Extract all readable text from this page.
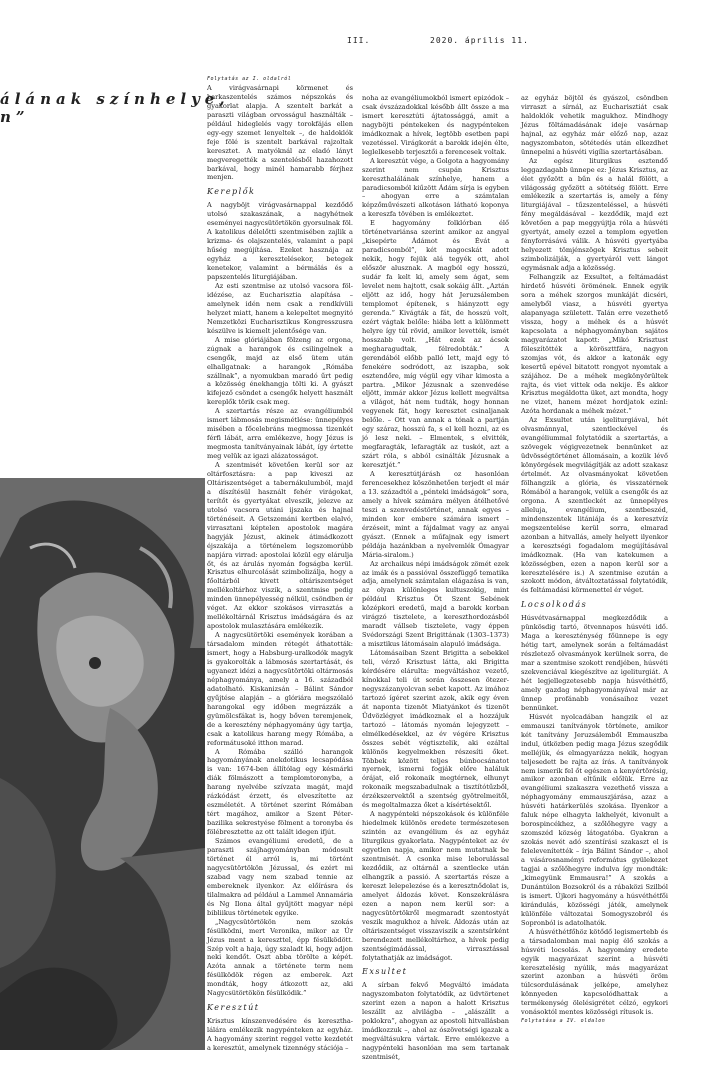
III.	2020. április 11.
álának színhelye,
n”

Folytatás az I. oldalról

A virágvasárnapi körmenet és barkaszentelés számos népszokás és gyakorlat alapja. A szentelt barkát a paraszti világban orvosságul használták – például hideglelés vagy torokfájás ellen egy-egy szemet lenyeltek –, de haldoklók feje fölé is szentelt barkával rajzoltak keresztet. A matyóknál az eladó lányt megveregették a szentelésből hazahozott barkával, hogy minél hamarabb férjhez menjen.

Kereplők

A nagyböjt virágvasárnappal kezdődő utolsó szakaszának, a nagyhétnek eseményei nagycsütörtökön gyorsulnak föl. A katolikus délelőtti szentmisében zajlik a krizma- és olajszentelés, valamint a papi hűség megújítása. Ezeket hasznája az egyház a keresztelésekor, betegek kenetekor, valamint a bérmálás és a papszentelés liturgiájában.

Az esti szentmise az utolsó vacsora fölidézése, az Eucharisztia alapítása – amelynek idén nem csak a rendkívüli helyzet miatt, hanem a kelepeltet megnyitó Nemzetközi Eucharisztikus Kongresszusra készülve is kiemelt jelentősége van.

A mise glóriájában fölzeng az orgona, zúgnak a harangok és csilingelnek a csengők, majd az első ütem után elhallgatnak: a harangok „Rómába szállnak”, a nyomukban maradó űrt pedig a közösség énekhangja tölti ki. A gyászt kifejező csöndet a csengők helyett használt kereplők törik csak meg.

A szertartás része az evangéliumból ismert lábmosás megismétlése: ünnepélyes misében a főcelebráns megmossa tizenkét férfi lábát, arra emlékezve, hogy Jézus is megmosta tanítványainak lábát, így értette meg velük az igazi alázatosságot.

A szentmisét követően kerül sor az oltárfosztásra: a pap kiveszi az Oltáriszentséget a tabernákulumból, majd a díszítésül használt fehér virágokat, terítőt és gyertyákat elveszik, jelezve az utolsó vacsora utáni ijszaka és hajnal történéseit. A Getszemáni kertben elalvó, virrasztani képtelen apostolok magára hagyják Jézust, akinek átimádkozott éjszakája a történelem legszomorúbb napjára virrad: apostolai közül egy elárulja őt, és az árulás nyomán fogságba kerül. Krisztus elhurcolását szimbolizálja, hogy a főoltárból kivett oltáriszentséget mellékoltárhoz viszik, a szentmise pedig minden ünnepélyesség nélkül, csöndben ér véget. Az ekkor szokásos virrasztás a mellékoltárnál Krisztus imádságára és az apostolok mulasztására emlékezik.

A nagycsütörtöki események korában a társadalom minden rétegét áthatották: ismert, hogy a Habsburg-uralkodók magyk is gyakorolták a lábmosás szertartását, és ugyanezt idézi a nagycsütörtöki oltármosás néphagyománya, amely a 16. századból adatolható. Kiskanizsán – Bálint Sándor gyűjtése alapján – a glóriára megszólaló harangokal egy időben megrázzák a gyümölcsfákat is, hogy bőven teremjenek, de a keresztény néphagyomány úgy tartja, csak a katolikus harang megy Rómába, a reformátusoké itthon marad.

A Rómába szálló harangok hagyományának anekdotikus lecsapódása is van: 1674-ben állítólag egy késmárki diák fölmászott a templomtoronyba, a harang nyelvébe szívzata magát, majd rázkódást érzett, és elveszítette az eszméletét. A történet szerint Rómában tért magához, amikor a Szent Péter-bazilika sekrestyése fölment a toronyba és fölébresztette az ott talált idegen ifjút.

Számos evangéliumi eredetű, de a paraszti szájhagyományban módosult történet él arról is, mi történt nagycsütörtökön Jézussal, és ezért mi szabad vagy nem szabad tennie az embereknek ilyenkor. Az előírásra és tilalmakra ad például a Lammel Annamária és Ng Ilona által gyűjtött magyar népi bibliikus történetek egyike.

„Nagycsütörtökön nem szokás fésülködni, mert Veronika, mikor az Úr Jézus ment a kereszttel, épp fésülködött. Szép volt a haja, úgy szaladt ki, hogy adjon neki kendőt. Oszt abba törölte a képét. Azóta annak a története term nem fésülködök régen az emberek. Azt mondták, hogy átkozott az, aki Nagycsütörtökön fésülködik.”

Keresztút

Krisztus kínszenvedésére és kereszthalálára emlékezik nagypénteken az egyház. A hagyomány szerint reggel vette kezdetét a keresztút, amelynek tizennégy stációja –

noha az evangéliumokból ismert epizódok – csak évszázadokkal később állt össze a ma ismert keresztúti ájtatossággá, amit a nagyböjti péntekeken és nagypénteken imádkoznak a hívek, legtöbb esetben papi vezetéssel. Virágkorát a barokk idején élte, leglelkesebb terjesztői a ferencesek voltak.

A keresztút vége, a Golgota a hagyomány szerint nem csupán Krisztus kereszthalálának színhelye, hanem a paradicsomból kiűzött Ádám sírja is egyben – ahogyan erre a számtalan képzőművészeti alkotáson látható koponya a kereszfa tövében is emlékeztet.

E hagyomány folklórban élő történetvariánsa szerint amikor az angyal „kisepérte Ádámot és Évát a paradicsomból”, két magocskát adott nekik, hogy fejük alá tegyék ott, ahol először alusznak. A magból egy hosszú, sudár fa kelt ki, amely sem ágat, sem levelet nem hajtott, csak sokáig állt. „Aztán eljött az idő, hogy hát Jeruzsálemben templomot építenek, s hiányzott egy gerenda.” Kivágták a fát, de hosszú volt, ezért vágtak belőle: hiába lett a különmett helyre így túl rövid, amikor levették, ismét hosszabb volt. „Hát ezek az ácsok megharagudtak, félredobták.” A gerendából előbb palló lett, majd egy tó fenekére sodródott, az iszapba, sok esztendőre, míg végül egy vihar kimosta a partra. „Mikor Jézusnak a szenvedése eljött, immár akkor Jézus kellett megváltsa a világot, hát nem tudták, hogy honnan vegyenek fát, hogy keresztet csinaljanak belőle. – Ott van annak a tónak a partján egy száraz, hosszú fa, s el kell hozni, az es jó lesz neki. – Elmentek, s elvitték, megfaragták, lefaragták az tuskót, azt a szárt róla, s abból csinálták Jézusnak a keresztjét.”

A keresztútjárásh oz hasonlóan ferencesekhez köszönhetően terjedt el már a 13. századtól a „pénteki imádságok” sora, amely a hívek számára mélyen átélhetővé teszi a szenvedéstörténet, annak egyes – minden kor embere számára ismert – érzéseit, mint a fájdalmat vagy az anyai gyászt. (Ennek a műfajnak egy ismert példája hazánkban a nyelvemlék Ómagyar Mária-siralom.)

Az archaikus népi imádságok zömét ezek az imák és a passióval összefüggő tematika adja, amelynek számtalan elágazása is van, az olyan különleges kultuszokig, mint például Krisztus Öt Szent Sebének középkori eredetű, majd a barokk korban virágzó tisztelete, a kereszthordozásból maradt vállseb tisztelete, vagy éppen Svédországi Szent Brigittának (1303–1373) a misztikus látomásain alapuló imádsága.

Látomásaiban Szent Brigitta a sebekkel teli, vérző Krisztust látta, aki Brigitta kérdésére elárulta: megváltáshoz vezető, kínokkal teli út során összesen ötezer-negyszázanyolcvan sebet kapott. Az imához tartozó ígéret szerint azok, akik egy éven át naponta tizenöt Miatyánkot és tizenöt Üdvözlégyet imádkoznak el a hozzájuk tartozó – látomás nyomán lejegyzett – elmélkedésekkel, az év végére Krisztus összes sebét végtisztelik, aki ezáltal különös kegyelmekben részesíti őket. Többek között teljes búnbocsánatot nyernek, ismerni fogják előre haláluk órájat, elő rokonaik megtérnek, elhunyt rokonaik megszabadulnak a tisztítótűzből, érzékszervektől a szentség gyötrelmeitől, és megoltalmazza őket a kísértésektől.

A nagypénteki népszokások és különféle hiedelmek különös eredete természetesen szintén az evangélium és az egyház liturgikus gyakorlata. Nagypénteket az év egyetlen napja, amikor nem mutatnak be szentmisét. A csonka mise leborulással kezdődik, az oltárnál a szentlecke után elhangzik a passió. A szertartás része a kereszt lelepelezése és a keresztnődolat is, amelyet áldozás követ. Konszekrálásra ezen a napon nem kerül sor: a nagycsütörtökről megmaradt szentostyát veszik magukhoz a hívek. Áldozás után az oltáriszentséget visszaviszik a szentsírként berendezett mellékoltárhoz, a hívek pedig szentségimádással, virrasztással folytathatják az imádságot.

Exsultet

A sírban fekvő Megváltó imádata nagyszombaton folytatódik, az üdvtörtenet szerint ezen a napon a halott Krisztus leszállt az alvilágba – „alászállt a poklokra”, ahogyan az apostoli hitvallásban imádkozzuk –, ahol az ószövetségi igazak a megváltásukra vártak. Erre emlékezve a nagypénteki hasonlóan ma sem tartanak szentmisét,

az egyház böjtöl és gyászol, csöndben virraszt a sírnál, az Eucharisztiát csak haldoklók vehetik magukhoz. Mindhogy Jézus föltámadásának ideje vasárnap hajnal, az egyház már előző nap, azaz nagyszombaton, sötétedés után elkezdhet ünnepelni a húsvéti vigília szertartásában.

Az egész liturgikus esztendő leggazdagabb ünnepe ez: Jézus Krisztus, az élet győzött a bűn és a halál fölött, a világosság győzött a sötétség fölött. Erre emlékezik a szertartás is, amely a fény liturgiájával – tűzszenteléssel, a húsvéti fény megáldásával – kezdődik, majd ezt követően a pap meggyújtja róla a húsvéti gyertyát, amely ezzel a templom egyetlen fényforrásává válik. A húsvéti gyertyába helyezett tömjénszögek Krisztus sebeit szimbolizálják, a gyertyáról vett lángot egymásnak adja a közösség.

Felhangzik az Exsultet, a feltámadást hirdető húsvéti örömének. Ennek egyik sora a méhek szorgos munkáját dicséri, amelyből viasz, a húsvéti gyertya alapanyaga született. Talán erre vezethető vissza, hogy a méhek és a húsvét kapcsolata a néphagyományban sajátos magyarázatot kapott: „Mikó Krisztust föleszítötték a köröszttfára, nagyon szomjas vót, és akkor a katonák egy kesertű epével bitatott rongyot nyomtak a szájához. De a méhek megkönyörültek rajta, és viet vittek oda nekije. És akkor Krisztus megáldotta üket, azt mondta, hogy ne vizet, hanem mézet hordjatok ezinl: Azóta hordanak a méhek mézet.”

Az Exsultet után igeliturgiával, hét olvasmánnyal, szentleckével és evangéliummal folytatódik a szertartás, a szövegek végigvezetnek bennünket az üdvösségtörténet állomásain, a kozük lévő könyörgések megvilágítják az adott szakasz értelmét. Az olvasmányokat követően fölhangzik a glória, és visszatérnek Rómából a harangok, velük a csengők és az orgona. A szentleckét az ünnepélyes alleluja, evangélium, szentbeszéd, mindenszentek litániája és a keresztvíz megszentelése kerül sorra, elmarad azonban a hitvallás, amely helyett ilyenkor a keresztségi fogadalom megújításával imádkoznak. (Ha van katekumen a közösségben, ezen a napon kerül sor a keresztelésére is.) A szentmise ezután a szokott módon, átváltoztatással folytatódik, és feltámadási körmenettel ér véget.

Locsolkodás

Húsvétvasárnappal megkezdődik a pünkösdig tartó, ötvennapos húsvéti idő. Maga a kereszténység főünnepe is egy hétig tart, amelynek során a feltámadást részletező olvasmányok kerülnek sorra, de mar a szentmise szokott rendjében, húsvéti szekvenciával kiegészítve az igeliturgiát. A hét legjellegzetesebb napja húsvéthétfő, amely gazdag néphagyományával már az ünnep profánabb vonásaihoz vezet bennünket.

Húsvét nyolcadában hangzik el az emmauszi tanítványok története, amikor két tanítvány Jeruzsálemből Emmauszba indul, útközben pedig maga Jézus szegődik melléjük, és elmagyarázza nekik, hogyan teljesedett be rajta az írás. A tanítványok nem ismerik fel őt egészen a kenyértörésig, amikor azonban eltűnik előlük. Erre az evangéliumi szakaszra vezethető vissza a néphagyomány emmauszjárása, azaz a húsvéti határkerülés szokása. Ilyenkor a faluk népe elhagyta lakhelyét, kivonult a borospincékhez, a szőlőhegyre vagy a szomszéd község látogatóba. Gyakran a szokás nevét adó szentírási szakaszt el is felelevenítették – írja Bálint Sándor –, ahol a vásárosnaményi református gyülekezet tagjai a szőlőhegyre indulva így mondták: „kimegyünk Emmausra!” A szokás a Dunántúlon Bozsokról és a rábaközi Szilból is ismert. Újkori hagyomány a húsvéthétfői kirándulás, közösségi játék, amelynek különféle változatai Somogyszobról és Sopronból is adatolhatók.

A húsvéthétfőhöz kötődő legismertebb és a társadalomban mai napig élő szokás a húsvéti locsolás. A hagyomány eredete egyik magyarázat szerint a húsvéti keresztelésig nyúlik, más magyarázat szerint azonban a húsvéti öröm túlcsordulásának jelképe, amelyhez könnyeden kapcsolódhattak a termékenység ölelésigrétet célzó, egykori vonásoktól mentes közösségi rítusok is.

Folytatása a IV. oldalon
